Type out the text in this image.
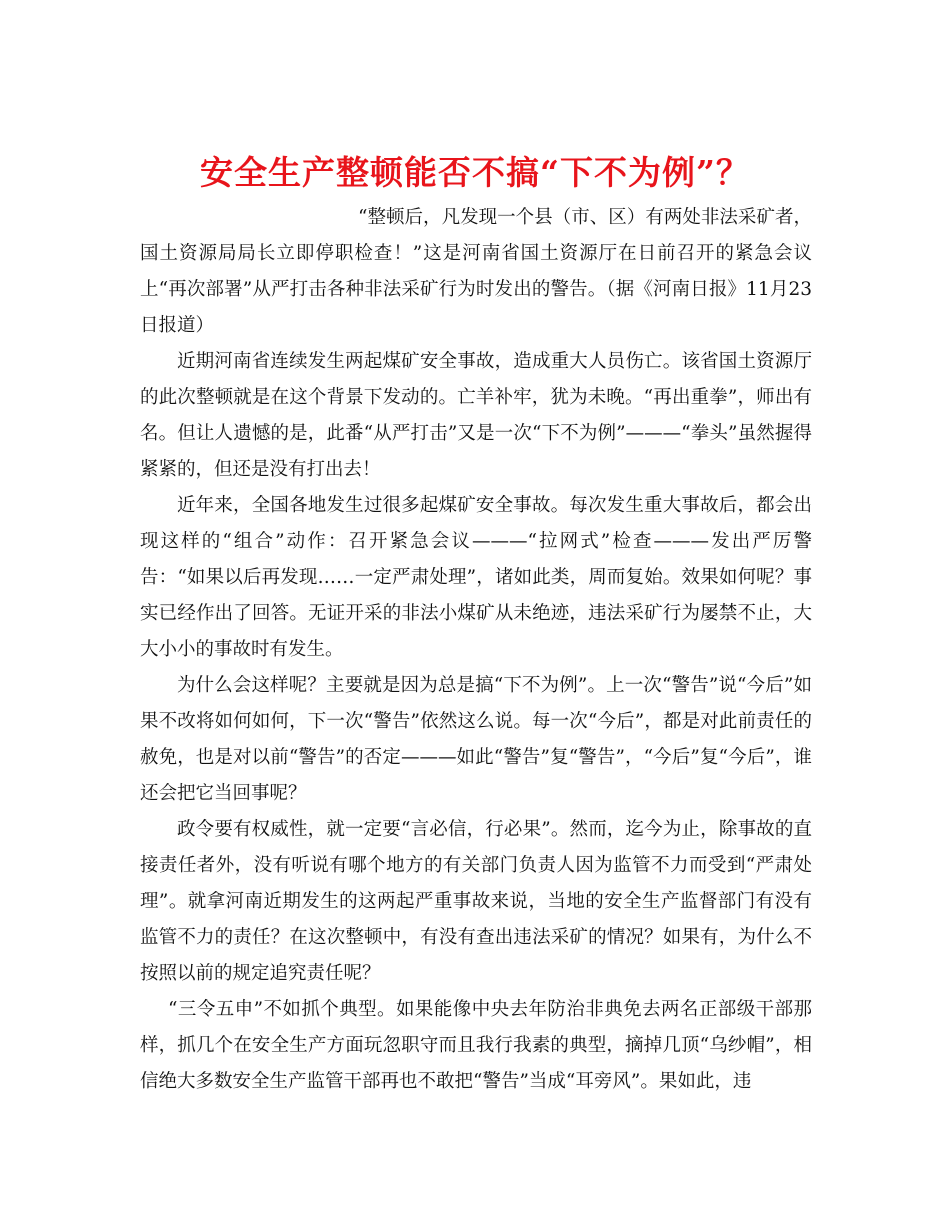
安全生产整顿能否不搞“下不为例”？

“整顿后，凡发现一个县（市、区）有两处非法采矿者，国土资源局局长立即停职检查！”这是河南省国土资源厅在日前召开的紧急会议上“再次部署”从严打击各种非法采矿行为时发出的警告。（据《河南日报》11月23日报道）

近期河南省连续发生两起煤矿安全事故，造成重大人员伤亡。该省国土资源厅的此次整顿就是在这个背景下发动的。亡羊补牢，犹为未晚。“再出重拳”，师出有名。但让人遗憾的是，此番“从严打击”又是一次“下不为例”———“拳头”虽然握得紧紧的，但还是没有打出去！

近年来，全国各地发生过很多起煤矿安全事故。每次发生重大事故后，都会出现这样的“组合”动作：召开紧急会议———“拉网式”检查———发出严厉警告：“如果以后再发现……一定严肃处理”，诸如此类，周而复始。效果如何呢？事实已经作出了回答。无证开采的非法小煤矿从未绝迹，违法采矿行为屡禁不止，大大小小的事故时有发生。

为什么会这样呢？主要就是因为总是搞“下不为例”。上一次“警告”说“今后”如果不改将如何如何，下一次“警告”依然这么说。每一次“今后”，都是对此前责任的赦免，也是对以前“警告”的否定———如此“警告”复“警告”，“今后”复“今后”，谁还会把它当回事呢？

政令要有权威性，就一定要“言必信，行必果”。然而，迄今为止，除事故的直接责任者外，没有听说有哪个地方的有关部门负责人因为监管不力而受到“严肃处理”。就拿河南近期发生的这两起严重事故来说，当地的安全生产监督部门有没有监管不力的责任？在这次整顿中，有没有查出违法采矿的情况？如果有，为什么不按照以前的规定追究责任呢？

“三令五申”不如抓个典型。如果能像中央去年防治非典免去两名正部级干部那样，抓几个在安全生产方面玩忽职守而且我行我素的典型，摘掉几顶“乌纱帽”，相信绝大多数安全生产监管干部再也不敢把“警告”当成“耳旁风”。果如此，违
